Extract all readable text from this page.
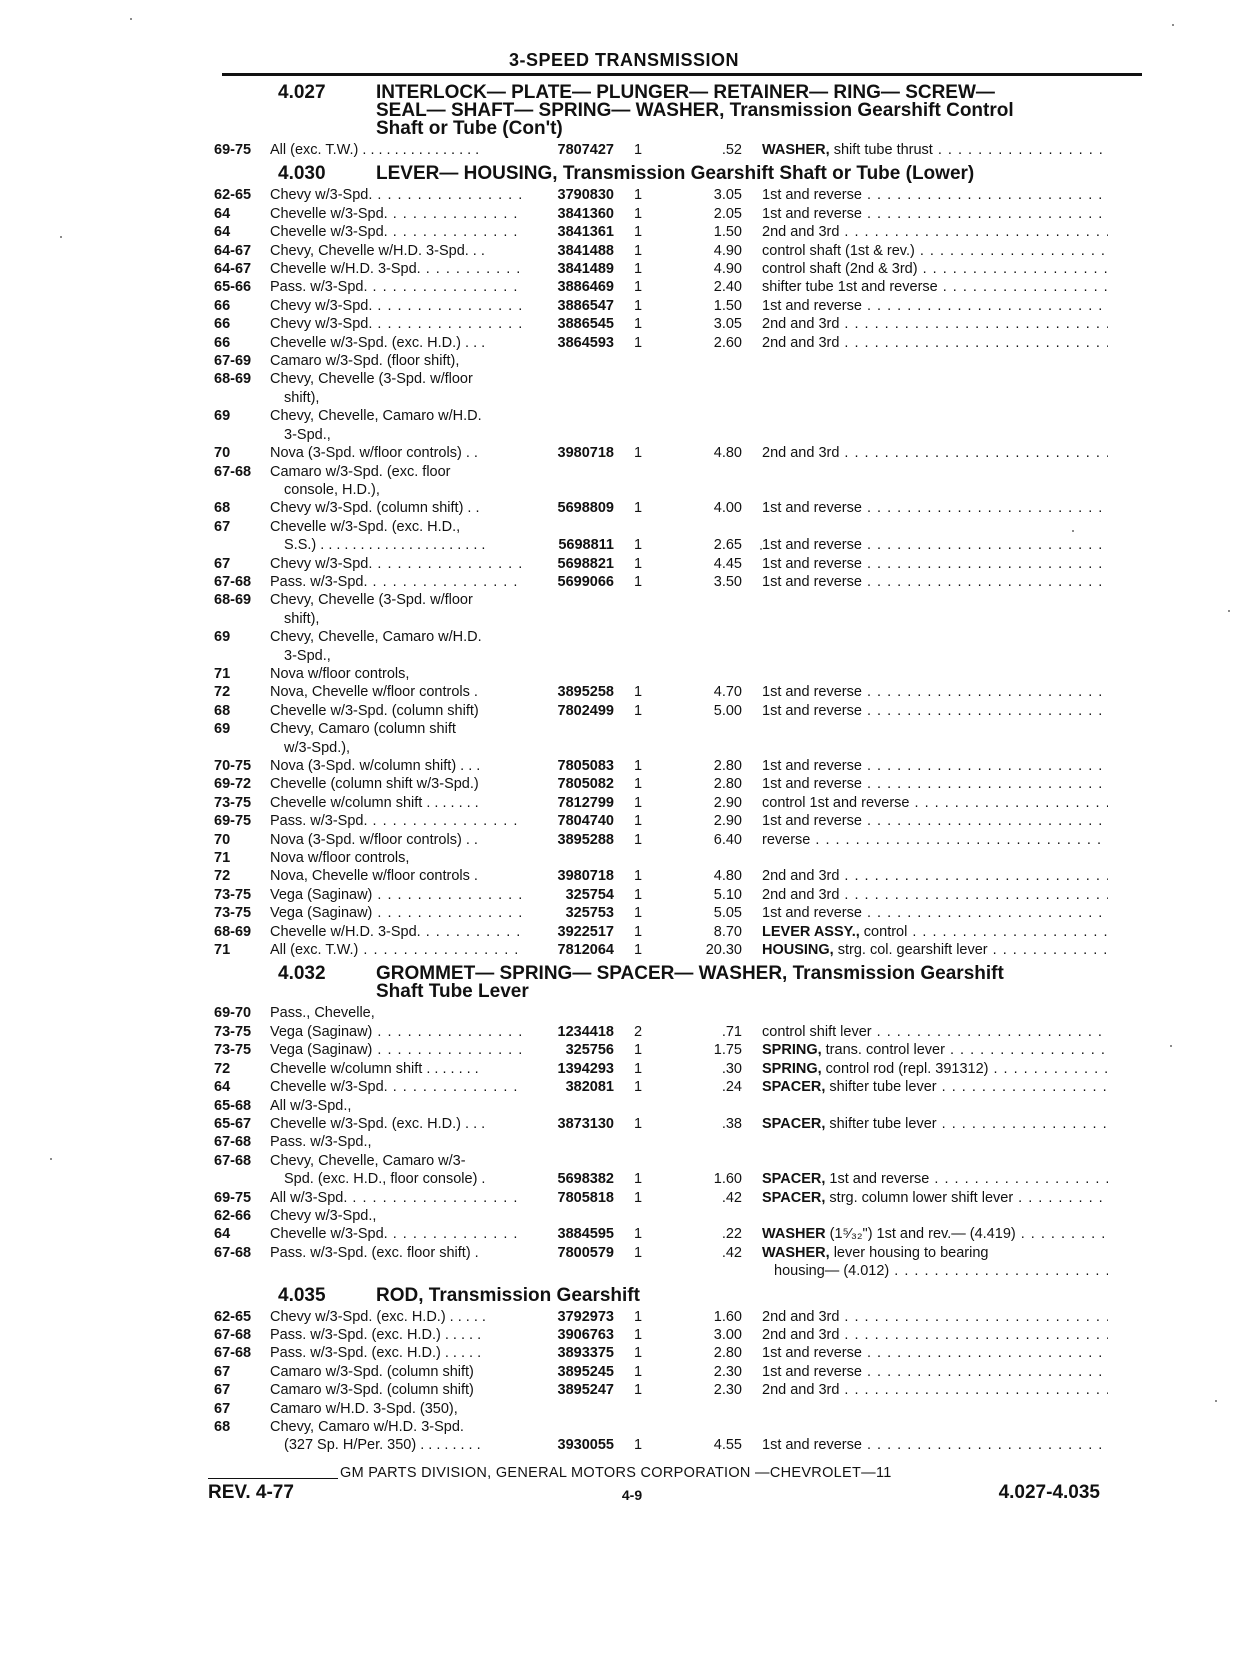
3-SPEED TRANSMISSION
4.027	INTERLOCK— PLATE— PLUNGER— RETAINER— RING— SCREW—
SEAL— SHAFT— SPRING— WASHER, Transmission Gearshift Control
Shaft or Tube (Con't)
69-75	All (exc. T.W.) . . . . . . . . . . . . . . .	7807427 1	.52 WASHER, shift tube thrust . . .
4.030	LEVER— HOUSING, Transmission Gearshift Shaft or Tube (Lower)
62-65	Chevy w/3-Spd. . . .	3790830 1	3.05 1st and reverse . . .
64	Chevelle w/3-Spd. . . .	3841360 1	2.05 1st and reverse . . .
64	Chevelle w/3-Spd. . . .	3841361 1	1.50 2nd and 3rd . . .
64-67	Chevy, Chevelle w/H.D. 3-Spd. . .	3841488 1	4.90 control shaft (1st & rev.) . . .
64-67	Chevelle w/H.D. 3-Spd. . . .	3841489 1	4.90 control shaft (2nd & 3rd) . . .
65-66	Pass. w/3-Spd. . . .	3886469 1	2.40 shifter tube 1st and reverse . . .
66	Chevy w/3-Spd. . . .	3886547 1	1.50 1st and reverse . . .
66	Chevy w/3-Spd. . . .	3886545 1	3.05 2nd and 3rd . . .
66	Chevelle w/3-Spd. (exc. H.D.) . . .	3864593 1	2.60 2nd and 3rd . . .
67-69	Camaro w/3-Spd. (floor shift),
68-69	Chevy, Chevelle (3-Spd. w/floor
shift),
69	Chevy, Chevelle, Camaro w/H.D.
3-Spd.,
70	Nova (3-Spd. w/floor controls) . .	3980718 1	4.80 2nd and 3rd . . .
67-68	Camaro w/3-Spd. (exc. floor
console, H.D.),
68	Chevy w/3-Spd. (column shift) . .	5698809 1	4.00 1st and reverse . . .
67	Chevelle w/3-Spd. (exc. H.D.,
S.S.) . . . . . . . . . . . . . . . . . . . . .	5698811 1	2.65 1st and reverse . . .
67	Chevy w/3-Spd. . . .	5698821 1	4.45 1st and reverse . . .
67-68	Pass. w/3-Spd. . . .	5699066 1	3.50 1st and reverse . . .
68-69	Chevy, Chevelle (3-Spd. w/floor
shift),
69	Chevy, Chevelle, Camaro w/H.D.
3-Spd.,
71	Nova w/floor controls,
72	Nova, Chevelle w/floor controls .	3895258 1	4.70 1st and reverse . . .
68	Chevelle w/3-Spd. (column shift)	7802499 1	5.00 1st and reverse . . .
69	Chevy, Camaro (column shift
w/3-Spd.),
70-75	Nova (3-Spd. w/column shift) . . .	7805083 1	2.80 1st and reverse . . .
69-72	Chevelle (column shift w/3-Spd.)	7805082 1	2.80 1st and reverse . . .
73-75	Chevelle w/column shift . . . . . . .	7812799 1	2.90 control 1st and reverse . . .
69-75	Pass. w/3-Spd. . . .	7804740 1	2.90 1st and reverse . . .
70	Nova (3-Spd. w/floor controls) . .	3895288 1	6.40 reverse . . .
71	Nova w/floor controls,
72	Nova, Chevelle w/floor controls .	3980718 1	4.80 2nd and 3rd . . .
73-75	Vega (Saginaw) . . .	325754 1	5.10 2nd and 3rd . . .
73-75	Vega (Saginaw) . . .	325753 1	5.05 1st and reverse . . .
68-69	Chevelle w/H.D. 3-Spd. . . .	3922517 1	8.70 LEVER ASSY., control . . .
71	All (exc. T.W.) . . .	7812064 1	20.30 HOUSING, strg. col. gearshift lever . . .
4.032	GROMMET— SPRING— SPACER— WASHER, Transmission Gearshift
Shaft Tube Lever
69-70	Pass., Chevelle,
73-75	Vega (Saginaw) . . .	1234418 2	.71 control shift lever . . .
73-75	Vega (Saginaw) . . .	325756 1	1.75 SPRING, trans. control lever . . .
72	Chevelle w/column shift . . . . . . .	1394293 1	.30 SPRING, control rod (repl. 391312) . . .
64	Chevelle w/3-Spd. . . .	382081 1	.24 SPACER, shifter tube lever . . .
65-68	All w/3-Spd.,
65-67	Chevelle w/3-Spd. (exc. H.D.) . . .	3873130 1	.38 SPACER, shifter tube lever . . .
67-68	Pass. w/3-Spd.,
67-68	Chevy, Chevelle, Camaro w/3-
Spd. (exc. H.D., floor console) .	5698382 1	1.60 SPACER, 1st and reverse . . .
69-75	All w/3-Spd. . . .	7805818 1	.42 SPACER, strg. column lower shift lever . . .
62-66	Chevy w/3-Spd.,
64	Chevelle w/3-Spd. . . .	3884595 1	.22 WASHER (1⁵⁄₃₂") 1st and rev.— (4.419) . . .
67-68	Pass. w/3-Spd. (exc. floor shift) .	7800579 1	.42 WASHER, lever housing to bearing
housing— (4.012) . . .
4.035	ROD, Transmission Gearshift
62-65	Chevy w/3-Spd. (exc. H.D.) . . . . .	3792973 1	1.60 2nd and 3rd . . .
67-68	Pass. w/3-Spd. (exc. H.D.) . . . . .	3906763 1	3.00 2nd and 3rd . . .
67-68	Pass. w/3-Spd. (exc. H.D.) . . . . .	3893375 1	2.80 1st and reverse . . .
67	Camaro w/3-Spd. (column shift)	3895245 1	2.30 1st and reverse . . .
67	Camaro w/3-Spd. (column shift)	3895247 1	2.30 2nd and 3rd . . .
67	Camaro w/H.D. 3-Spd. (350),
68	Chevy, Camaro w/H.D. 3-Spd.
(327 Sp. H/Per. 350) . . . . . . . .	3930055 1	4.55 1st and reverse . . .
GM PARTS DIVISION, GENERAL MOTORS CORPORATION —CHEVROLET—11
REV. 4-77	4-9	4.027-4.035
